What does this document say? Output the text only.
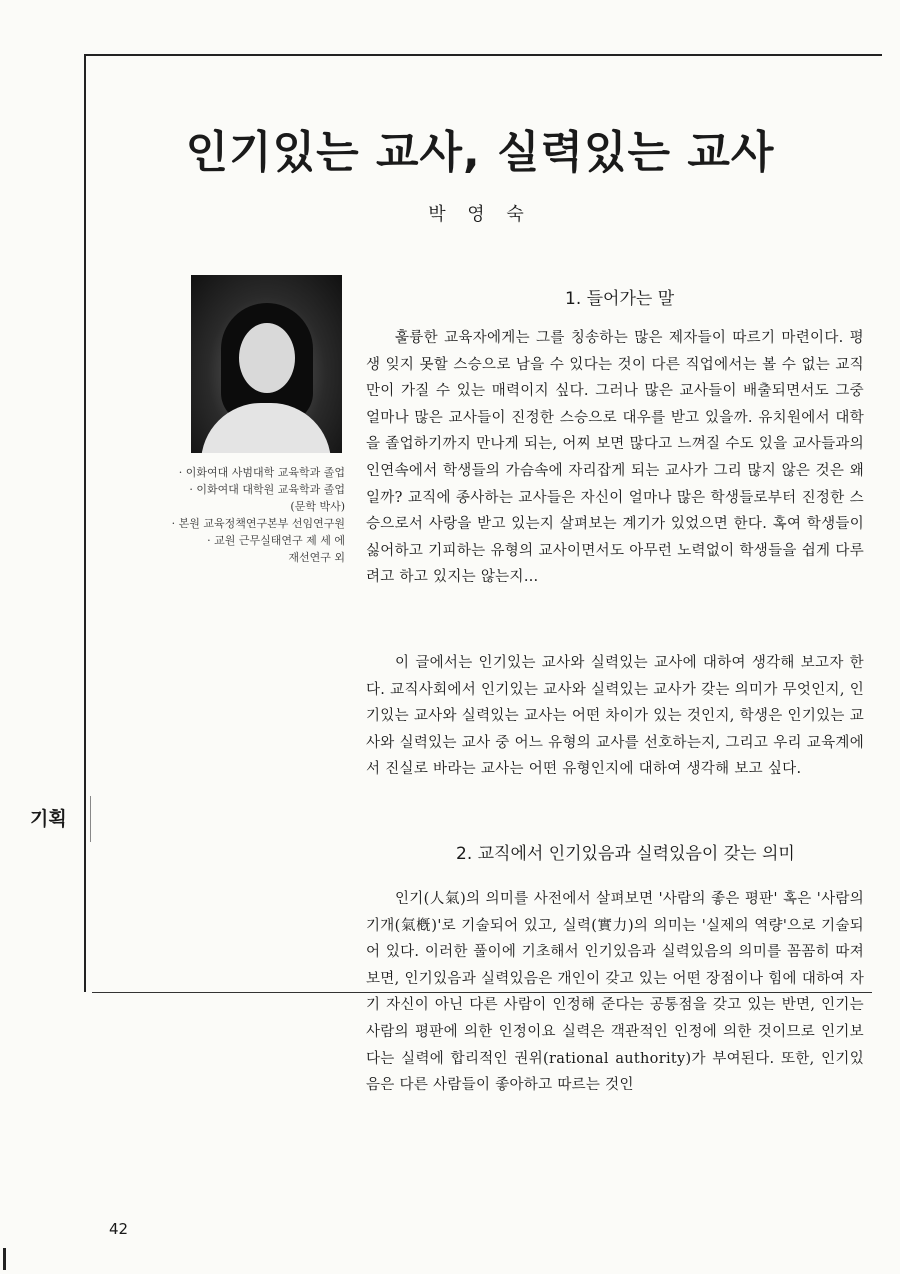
인기있는 교사, 실력있는 교사
박 영 숙
· 이화여대 사범대학 교육학과 졸업
· 이화여대 대학원 교육학과 졸업
(문학 박사)
· 본원 교육정책연구본부 선임연구원
· 교원 근무실태연구 제 세 에
재선연구 외
1. 들어가는 말

훌륭한 교육자에게는 그를 칭송하는 많은 제자들이 따르기 마련이다. 평생 잊지 못할 스승으로 남을 수 있다는 것이 다른 직업에서는 볼 수 없는 교직만이 가질 수 있는 매력이지 싶다. 그러나 많은 교사들이 배출되면서도 그중 얼마나 많은 교사들이 진정한 스승으로 대우를 받고 있을까. 유치원에서 대학을 졸업하기까지 만나게 되는, 어찌 보면 많다고 느껴질 수도 있을 교사들과의 인연속에서 학생들의 가슴속에 자리잡게 되는 교사가 그리 많지 않은 것은 왜일까? 교직에 종사하는 교사들은 자신이 얼마나 많은 학생들로부터 진정한 스승으로서 사랑을 받고 있는지 살펴보는 계기가 있었으면 한다. 혹여 학생들이 싫어하고 기피하는 유형의 교사이면서도 아무런 노력없이 학생들을 쉽게 다루려고 하고 있지는 않는지…

이 글에서는 인기있는 교사와 실력있는 교사에 대하여 생각해 보고자 한다. 교직사회에서 인기있는 교사와 실력있는 교사가 갖는 의미가 무엇인지, 인기있는 교사와 실력있는 교사는 어떤 차이가 있는 것인지, 학생은 인기있는 교사와 실력있는 교사 중 어느 유형의 교사를 선호하는지, 그리고 우리 교육계에서 진실로 바라는 교사는 어떤 유형인지에 대하여 생각해 보고 싶다.

2. 교직에서 인기있음과 실력있음이 갖는 의미

인기(人氣)의 의미를 사전에서 살펴보면 '사람의 좋은 평판' 혹은 '사람의 기개(氣槪)'로 기술되어 있고, 실력(實力)의 의미는 '실제의 역량'으로 기술되어 있다. 이러한 풀이에 기초해서 인기있음과 실력있음의 의미를 꼼꼼히 따져 보면, 인기있음과 실력있음은 개인이 갖고 있는 어떤 장점이나 힘에 대하여 자기 자신이 아닌 다른 사람이 인정해 준다는 공통점을 갖고 있는 반면, 인기는 사람의 평판에 의한 인정이요 실력은 객관적인 인정에 의한 것이므로 인기보다는 실력에 합리적인 권위(rational authority)가 부여된다. 또한, 인기있음은 다른 사람들이 좋아하고 따르는 것인

기획
42
